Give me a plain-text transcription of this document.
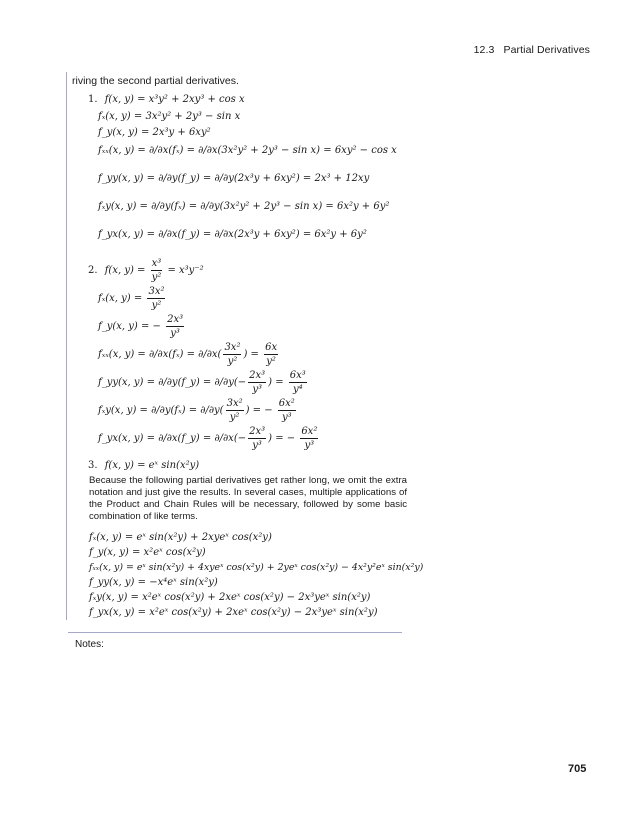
12.3 Partial Derivatives
riving the second partial derivatives.
1. f(x, y) = x³y² + 2xy³ + cos x
fₓ(x, y) = 3x²y² + 2y³ − sin x
f_y(x, y) = 2x³y + 6xy²
fₓₓ(x, y) = ∂/∂x(fₓ) = ∂/∂x(3x²y² + 2y³ − sin x) = 6xy² − cos x
f_yy(x, y) = ∂/∂y(f_y) = ∂/∂y(2x³y + 6xy²) = 2x³ + 12xy
fₓy(x, y) = ∂/∂y(fₓ) = ∂/∂y(3x²y² + 2y³ − sin x) = 6x²y + 6y²
f_yx(x, y) = ∂/∂x(f_y) = ∂/∂x(2x³y + 6xy²) = 6x²y + 6y²
2. f(x, $y) = \frac{\text{x³}}{\text{y²}} = x^3y^{-2}$
fₓ(x, $y) = \frac{\text{3x²}}{\text{y²}}$
f_y(x, y) = − $\frac{\text{2x³}}{\text{y³}}$
fₓₓ(x, $y) = \partial/\partial x(f_x) = \partial/\partial x( \frac{\text{3x²}}{\text{y²}}$ ) = $\frac{6x}{\text{y²}}$
f_yy(x, y) = ∂/∂y(f_y) = $\partial/\partial y(- \frac{\text{2x³}}{\text{y³}}$ ) = $\frac{\text{6x³}}{\text{y⁴}}$
fₓy(x, $y) = \partial/\partial y(f_x) = \partial/\partial y( \frac{\text{3x²}}{\text{y²}}$ ) = − $\frac{\text{6x²}}{\text{y³}}$
f_yx(x, y) = ∂/∂x(f_y) = $\partial/\partial x(- \frac{\text{2x³}}{\text{y³}}$ ) = − $\frac{\text{6x²}}{\text{y³}}$
3. f(x, y) = eˣ sin(x²y)
Because the following partial derivatives get rather long, we omit the extra notation and just give the results. In several cases, multiple applications of the Product and Chain Rules will be necessary, followed by some basic combination of like terms.
fₓ(x, y) = eˣ sin(x²y) + 2xyeˣ cos(x²y)
f_y(x, y) = x²eˣ cos(x²y)
fₓₓ(x, y) = eˣ sin(x²y) + 4xyeˣ cos(x²y) + 2yeˣ cos(x²y) − 4x²y²eˣ sin(x²y)
f_yy(x, y) = −x⁴eˣ sin(x²y)
fₓy(x, y) = x²eˣ cos(x²y) + 2xeˣ cos(x²y) − 2x³yeˣ sin(x²y)
f_yx(x, y) = x²eˣ cos(x²y) + 2xeˣ cos(x²y) − 2x³yeˣ sin(x²y)
Notes:
705
